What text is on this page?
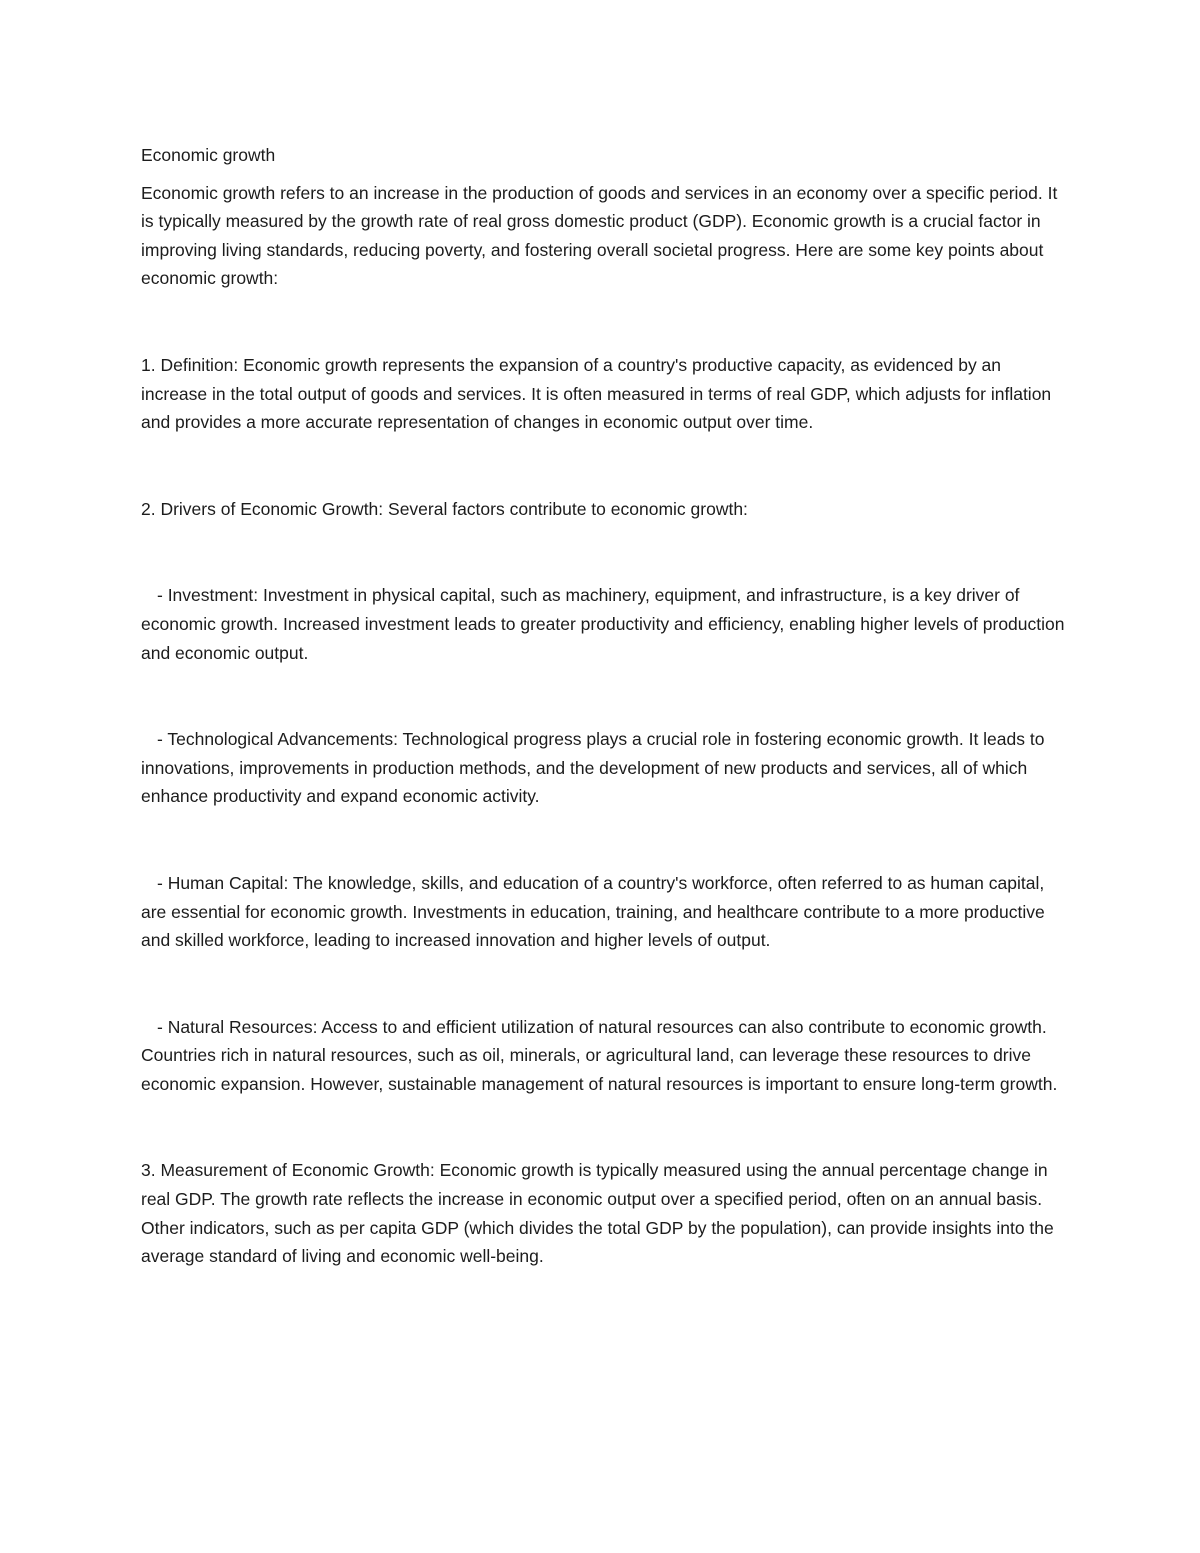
Economic growth

Economic growth refers to an increase in the production of goods and services in an economy over a specific period. It is typically measured by the growth rate of real gross domestic product (GDP). Economic growth is a crucial factor in improving living standards, reducing poverty, and fostering overall societal progress. Here are some key points about economic growth:

1. Definition: Economic growth represents the expansion of a country's productive capacity, as evidenced by an increase in the total output of goods and services. It is often measured in terms of real GDP, which adjusts for inflation and provides a more accurate representation of changes in economic output over time.

2. Drivers of Economic Growth: Several factors contribute to economic growth:

- Investment: Investment in physical capital, such as machinery, equipment, and infrastructure, is a key driver of economic growth. Increased investment leads to greater productivity and efficiency, enabling higher levels of production and economic output.

- Technological Advancements: Technological progress plays a crucial role in fostering economic growth. It leads to innovations, improvements in production methods, and the development of new products and services, all of which enhance productivity and expand economic activity.

- Human Capital: The knowledge, skills, and education of a country's workforce, often referred to as human capital, are essential for economic growth. Investments in education, training, and healthcare contribute to a more productive and skilled workforce, leading to increased innovation and higher levels of output.

- Natural Resources: Access to and efficient utilization of natural resources can also contribute to economic growth. Countries rich in natural resources, such as oil, minerals, or agricultural land, can leverage these resources to drive economic expansion. However, sustainable management of natural resources is important to ensure long-term growth.

3. Measurement of Economic Growth: Economic growth is typically measured using the annual percentage change in real GDP. The growth rate reflects the increase in economic output over a specified period, often on an annual basis. Other indicators, such as per capita GDP (which divides the total GDP by the population), can provide insights into the average standard of living and economic well-being.
